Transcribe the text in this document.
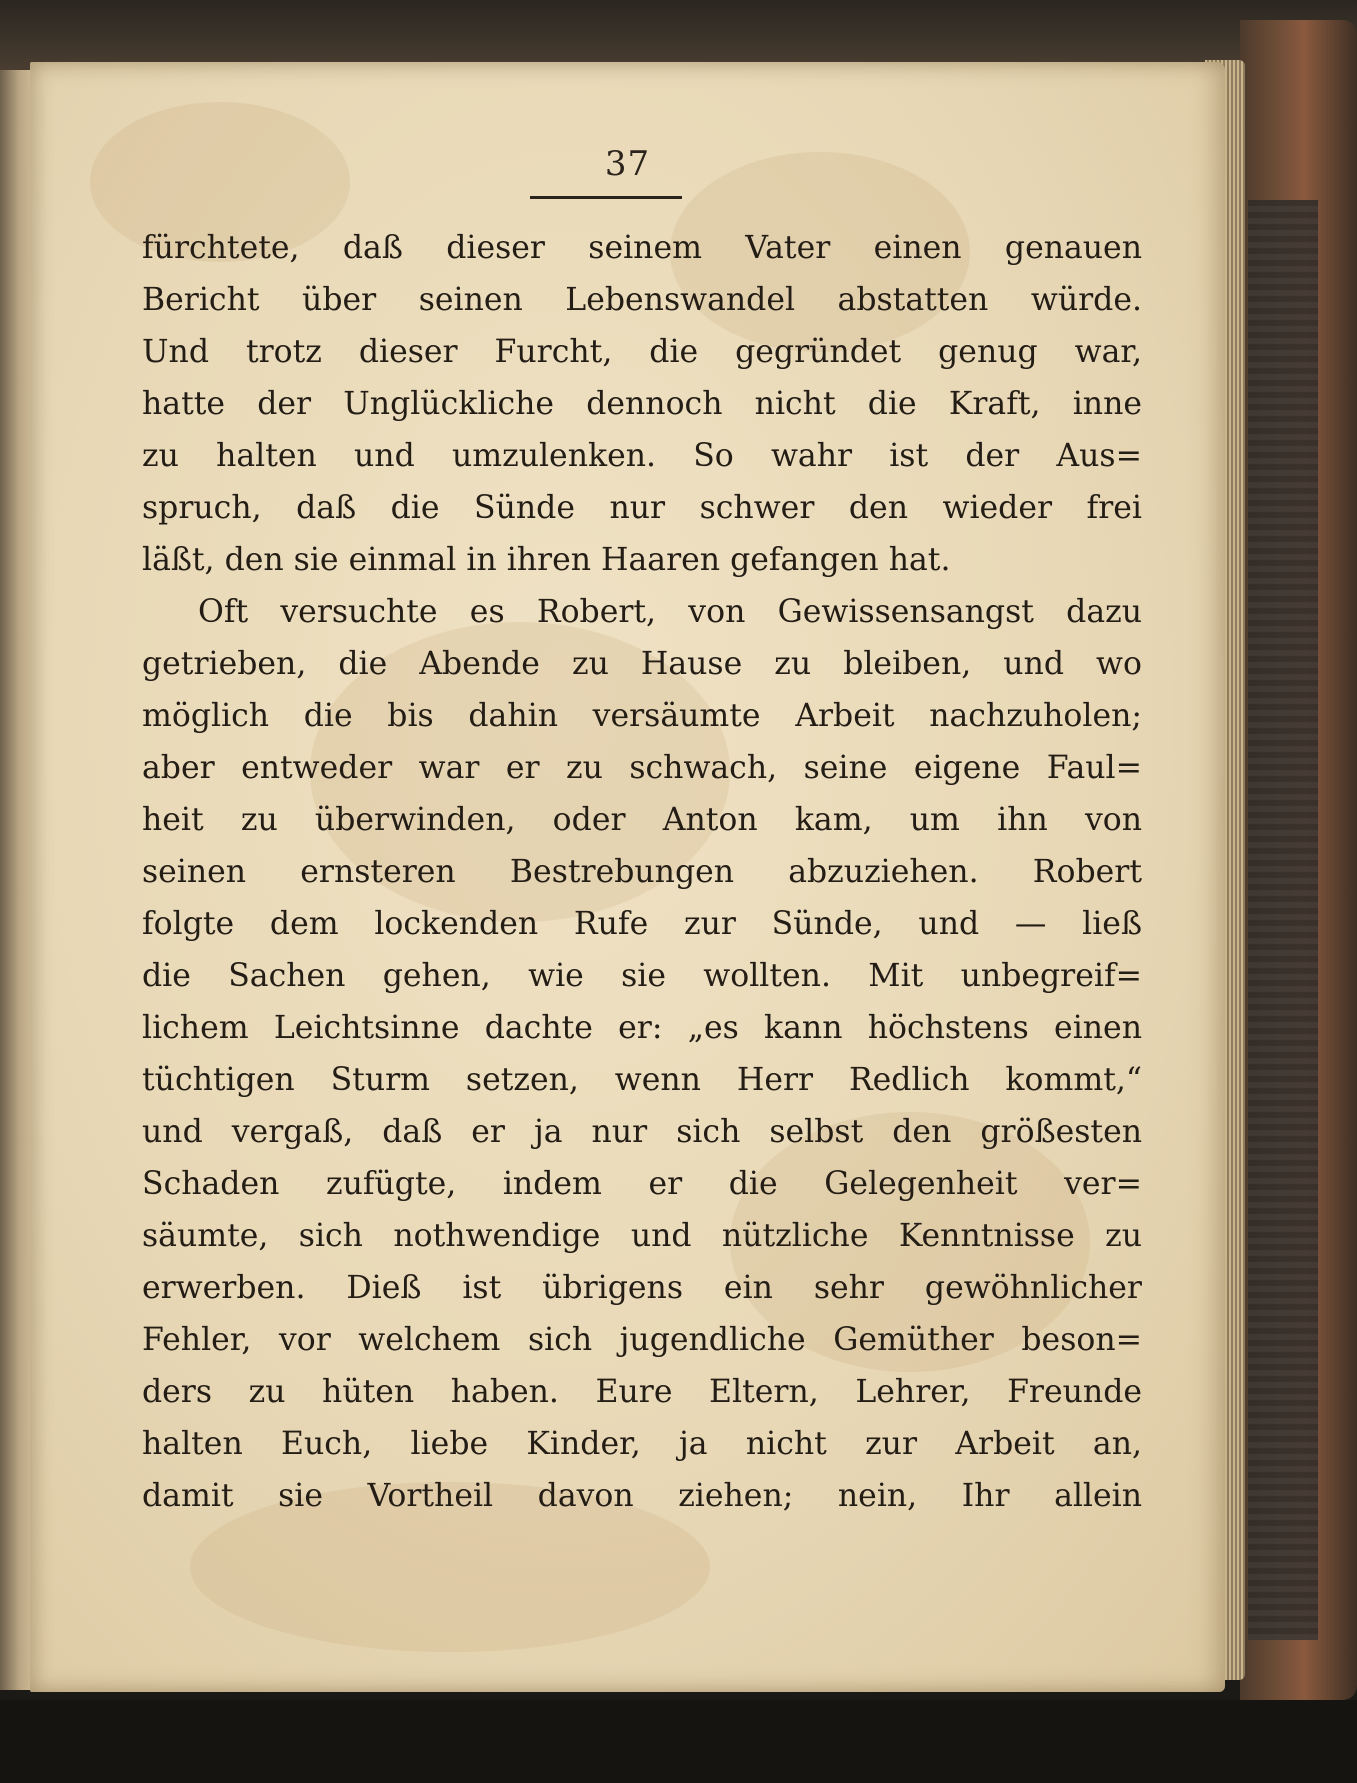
37
fürchtete, daß dieser seinem Vater einen genauen
Bericht über seinen Lebenswandel abstatten würde.
Und trotz dieser Furcht, die gegründet genug war,
hatte der Unglückliche dennoch nicht die Kraft, inne
zu halten und umzulenken. So wahr ist der Aus=
spruch, daß die Sünde nur schwer den wieder frei
läßt, den sie einmal in ihren Haaren gefangen hat.
Oft versuchte es Robert, von Gewissensangst dazu
getrieben, die Abende zu Hause zu bleiben, und wo
möglich die bis dahin versäumte Arbeit nachzuholen;
aber entweder war er zu schwach, seine eigene Faul=
heit zu überwinden, oder Anton kam, um ihn von
seinen ernsteren Bestrebungen abzuziehen. Robert
folgte dem lockenden Rufe zur Sünde, und — ließ
die Sachen gehen, wie sie wollten. Mit unbegreif=
lichem Leichtsinne dachte er: „es kann höchstens einen
tüchtigen Sturm setzen, wenn Herr Redlich kommt,“
und vergaß, daß er ja nur sich selbst den größesten
Schaden zufügte, indem er die Gelegenheit ver=
säumte, sich nothwendige und nützliche Kenntnisse zu
erwerben. Dieß ist übrigens ein sehr gewöhnlicher
Fehler, vor welchem sich jugendliche Gemüther beson=
ders zu hüten haben. Eure Eltern, Lehrer, Freunde
halten Euch, liebe Kinder, ja nicht zur Arbeit an,
damit sie Vortheil davon ziehen; nein, Ihr allein
